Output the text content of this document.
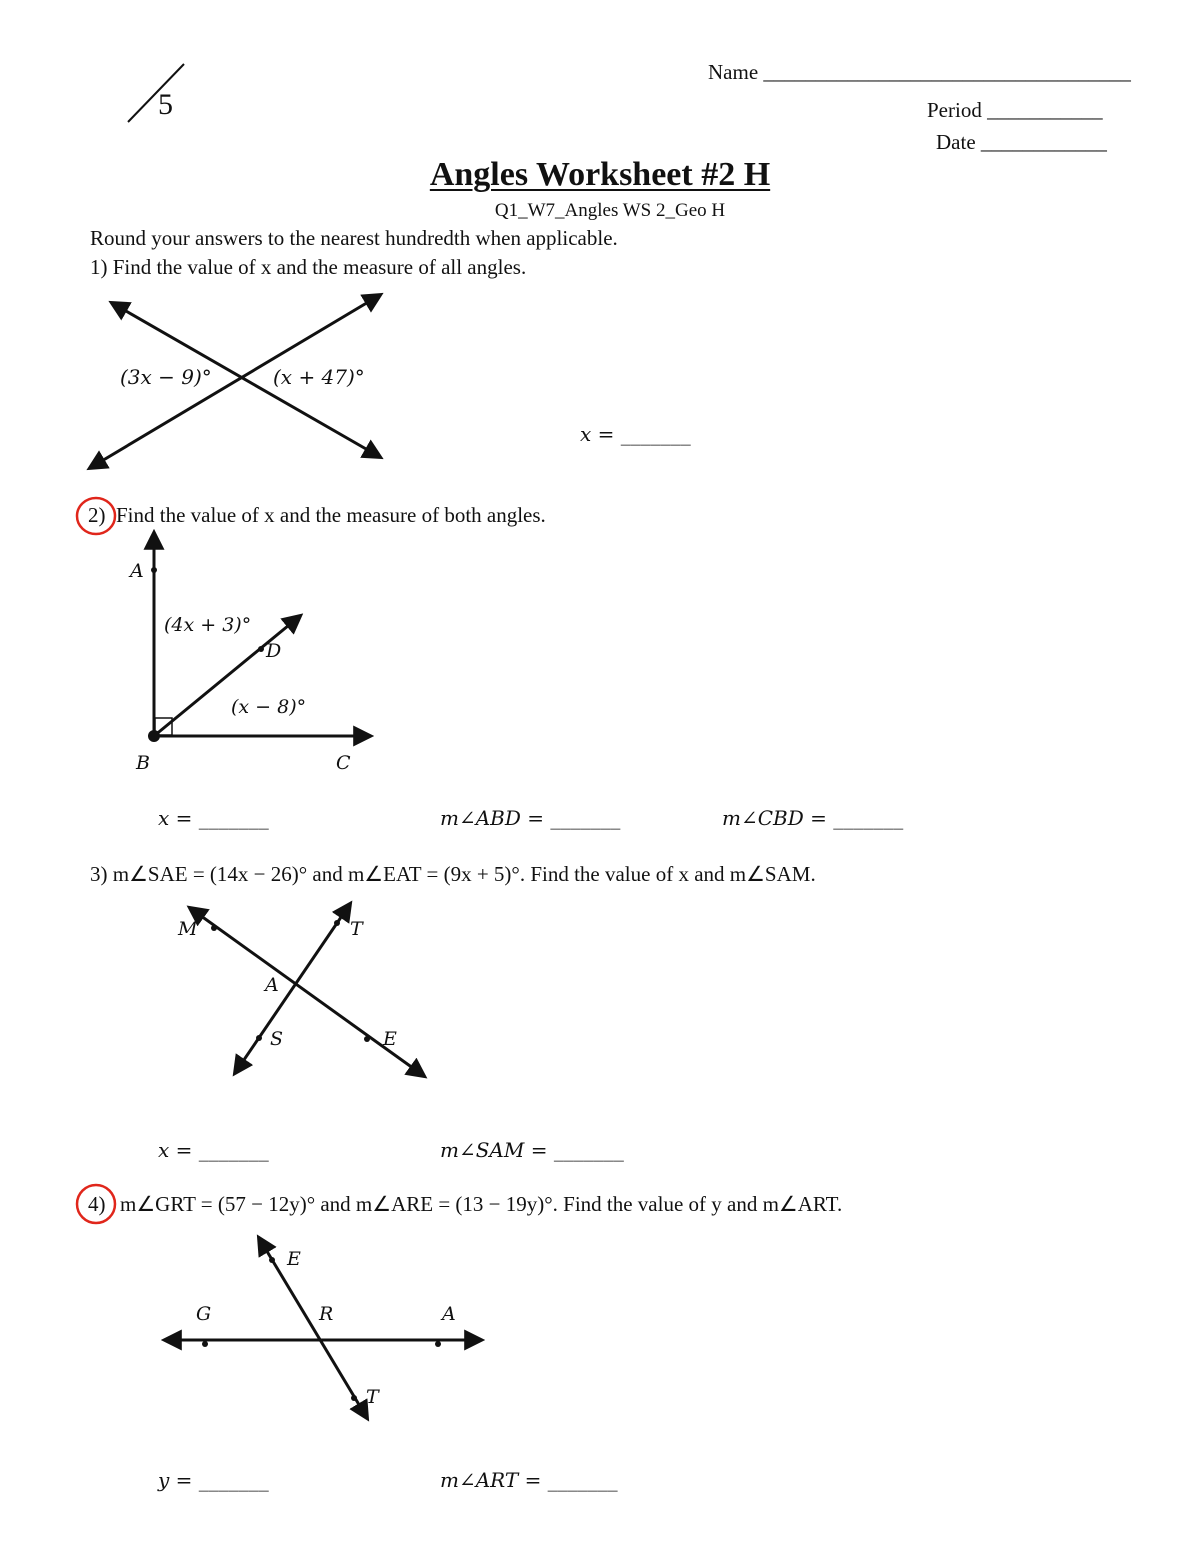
5
Name ___________________________________
Period ___________
Date ____________
Angles Worksheet #2 H
Q1_W7_Angles WS 2_Geo H
Round your answers to the nearest hundredth when applicable.
1) Find the value of x and the measure of all angles.
(3x − 9)°	(x + 47)°
x = _______
2) Find the value of x and the measure of both angles.
A
D
B	C
(4x + 3)°
(x − 8)°
x = _______	m∠ABD = _______	m∠CBD = _______
3) m∠SAE = (14x − 26)° and m∠EAT = (9x + 5)°. Find the value of x and m∠SAM.
M	T
A
S	E
x = _______	m∠SAM = _______
4) m∠GRT = (57 − 12y)° and m∠ARE = (13 − 19y)°. Find the value of y and m∠ART.
E
G	R	A
T
y = _______	m∠ART = _______
